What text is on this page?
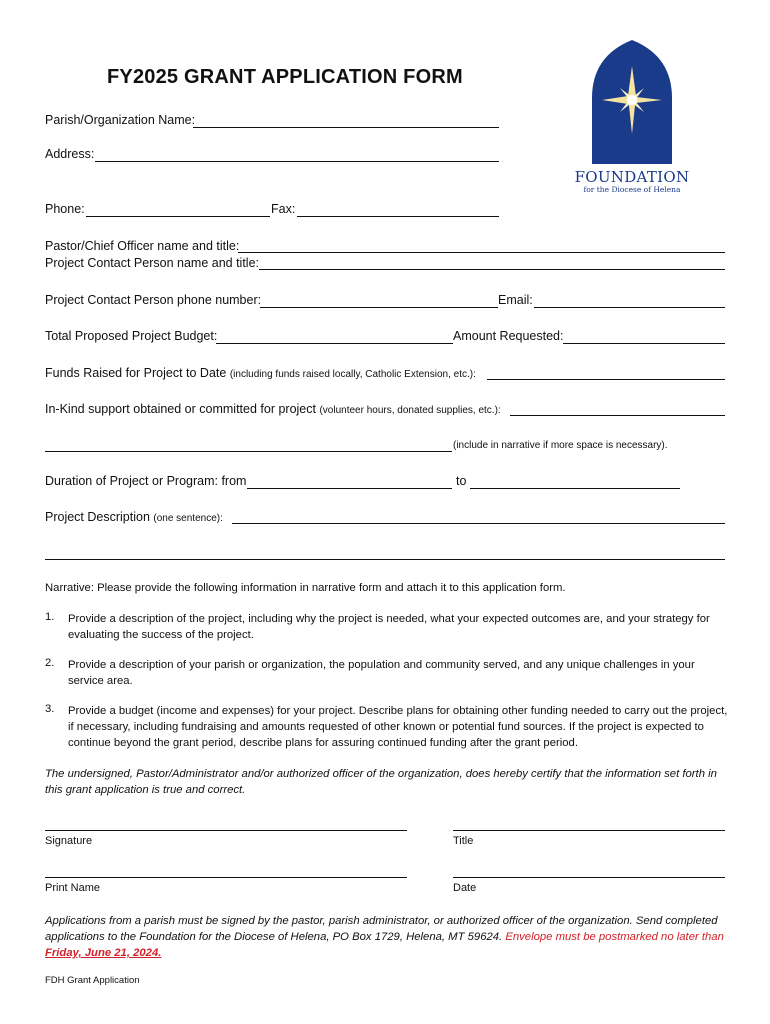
FY2025 GRANT APPLICATION FORM
FOUNDATION
for the Diocese of Helena
Parish/Organization Name:
Address:
Phone:	Fax:
Pastor/Chief Officer name and title:
Project Contact Person name and title:
Project Contact Person phone number:	Email:
Total Proposed Project Budget:	Amount Requested:
Funds Raised for Project to Date (including funds raised locally, Catholic Extension, etc.):
In-Kind support obtained or committed for project (volunteer hours, donated supplies, etc.):
(include in narrative if more space is necessary).
Duration of Project or Program: from	to
Project Description (one sentence):
Narrative: Please provide the following information in narrative form and attach it to this application form.
1. Provide a description of the project, including why the project is needed, what your expected outcomes are, and your strategy for evaluating the success of the project.
2. Provide a description of your parish or organization, the population and community served, and any unique challenges in your service area.
3. Provide a budget (income and expenses) for your project. Describe plans for obtaining other funding needed to carry out the project, if necessary, including fundraising and amounts requested of other known or potential fund sources. If the project is expected to continue beyond the grant period, describe plans for assuring continued funding after the grant period.
The undersigned, Pastor/Administrator and/or authorized officer of the organization, does hereby certify that the information set forth in this grant application is true and correct.
Signature	Title
Print Name	Date
Applications from a parish must be signed by the pastor, parish administrator, or authorized officer of the organization. Send completed applications to the Foundation for the Diocese of Helena, PO Box 1729, Helena, MT 59624. Envelope must be postmarked no later than Friday, June 21, 2024.
FDH Grant Application
